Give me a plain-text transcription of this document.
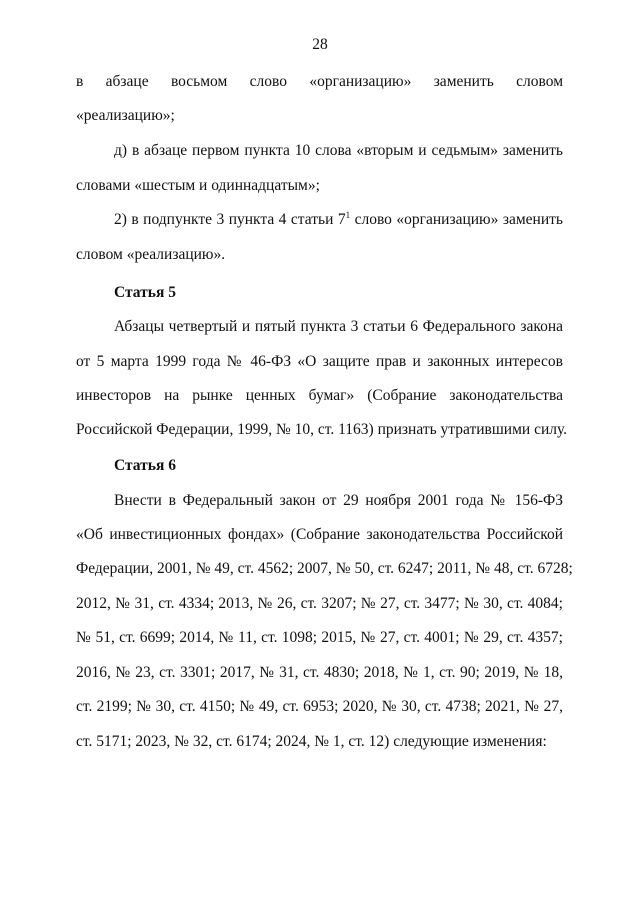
28
в абзаце восьмом слово «организацию» заменить словом
«реализацию»;
д) в абзаце первом пункта 10 слова «вторым и седьмым» заменить
словами «шестым и одиннадцатым»;
2) в подпункте 3 пункта 4 статьи $7^1$ слово «организацию» заменить
словом «реализацию».
Статья 5
Абзацы четвертый и пятый пункта 3 статьи 6 Федерального закона
от 5 марта 1999 года № 46-ФЗ «О защите прав и законных интересов
инвесторов на рынке ценных бумаг» (Собрание законодательства
Российской Федерации, 1999, № 10, ст. 1163) признать утратившими силу.
Статья 6
Внести в Федеральный закон от 29 ноября 2001 года № 156-ФЗ
«Об инвестиционных фондах» (Собрание законодательства Российской
Федерации, 2001, № 49, ст. 4562; 2007, № 50, ст. 6247; 2011, № 48, ст. 6728;
2012, № 31, ст. 4334; 2013, № 26, ст. 3207; № 27, ст. 3477; № 30, ст. 4084;
№ 51, ст. 6699; 2014, № 11, ст. 1098; 2015, № 27, ст. 4001; № 29, ст. 4357;
2016, № 23, ст. 3301; 2017, № 31, ст. 4830; 2018, № 1, ст. 90; 2019, № 18,
ст. 2199; № 30, ст. 4150; № 49, ст. 6953; 2020, № 30, ст. 4738; 2021, № 27,
ст. 5171; 2023, № 32, ст. 6174; 2024, № 1, ст. 12) следующие изменения:
